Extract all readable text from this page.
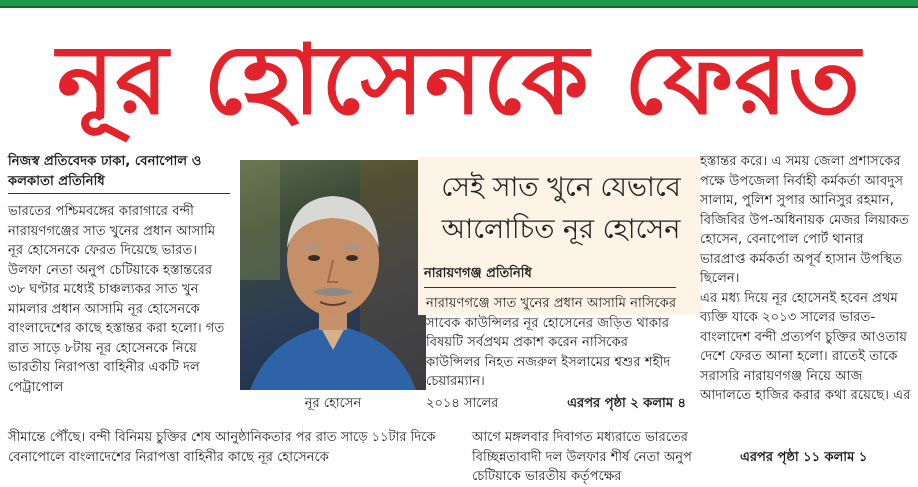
নূর হোসেনকে ফেরত
নিজস্ব প্রতিবেদক ঢাকা, বেনাপোল ও কলকাতা প্রতিনিধি
ভারতের পশ্চিমবঙ্গের কারাগারে বন্দী নারায়ণগঞ্জের সাত খুনের প্রধান আসামি নূর হোসেনকে ফেরত দিয়েছে ভারত। উলফা নেতা অনুপ চেটিয়াকে হস্তান্তরের ৩৮ ঘণ্টার মধ্যেই চাঞ্চল্যকর সাত খুন মামলার প্রধান আসামি নূর হোসেনকে বাংলাদেশের কাছে হস্তান্তর করা হলো। গত রাত সাড়ে ৮টায় নূর হোসেনকে নিয়ে ভারতীয় নিরাপত্তা বাহিনীর একটি দল পেট্রাপোল
নূর হোসেন
সেই সাত খুনে যেভাবে আলোচিত নূর হোসেন
নারায়ণগঞ্জ প্রতিনিধি
নারায়ণগঞ্জে সাত খুনের প্রধান আসামি নাসিকের সাবেক কাউন্সিলর নূর হোসেনের জড়িত থাকার বিষয়টি সর্বপ্রথম প্রকাশ করেন নাসিকের কাউন্সিলর নিহত নজরুল ইসলামের শ্বশুর শহীদ চেয়ারম্যান।
২০১৪ সালের	এরপর পৃষ্ঠা ২ কলাম ৪
হস্তান্তর করে। এ সময় জেলা প্রশাসকের পক্ষে উপজেলা নির্বাহী কর্মকর্তা আবদুস সালাম, পুলিশ সুপার আনিসুর রহমান, বিজিবির উপ-অধিনায়ক মেজর লিয়াকত হোসেন, বেনাপোল পোর্ট থানার ভারপ্রাপ্ত কর্মকর্তা অপূর্ব হাসান উপস্থিত ছিলেন।
এর মধ্য দিয়ে নূর হোসেনই হবেন প্রথম ব্যক্তি যাকে ২০১৩ সালের ভারত-বাংলাদেশ বন্দী প্রত্যর্পণ চুক্তির আওতায় দেশে ফেরত আনা হলো। রাতেই তাকে সরাসরি নারায়ণগঞ্জ নিয়ে আজ আদালতে হাজির করার কথা রয়েছে। এর
সীমান্তে পৌঁছে। বন্দী বিনিময় চুক্তির শেষ আনুষ্ঠানিকতার পর রাত সাড়ে ১১টার দিকে বেনাপোলে বাংলাদেশের নিরাপত্তা বাহিনীর কাছে নূর হোসেনকে
আগে মঙ্গলবার দিবাগত মধ্যরাতে ভারতের বিচ্ছিন্নতাবাদী দল উলফার শীর্ষ নেতা অনুপ চেটিয়াকে ভারতীয় কর্তৃপক্ষের
এরপর পৃষ্ঠা ১১ কলাম ১
